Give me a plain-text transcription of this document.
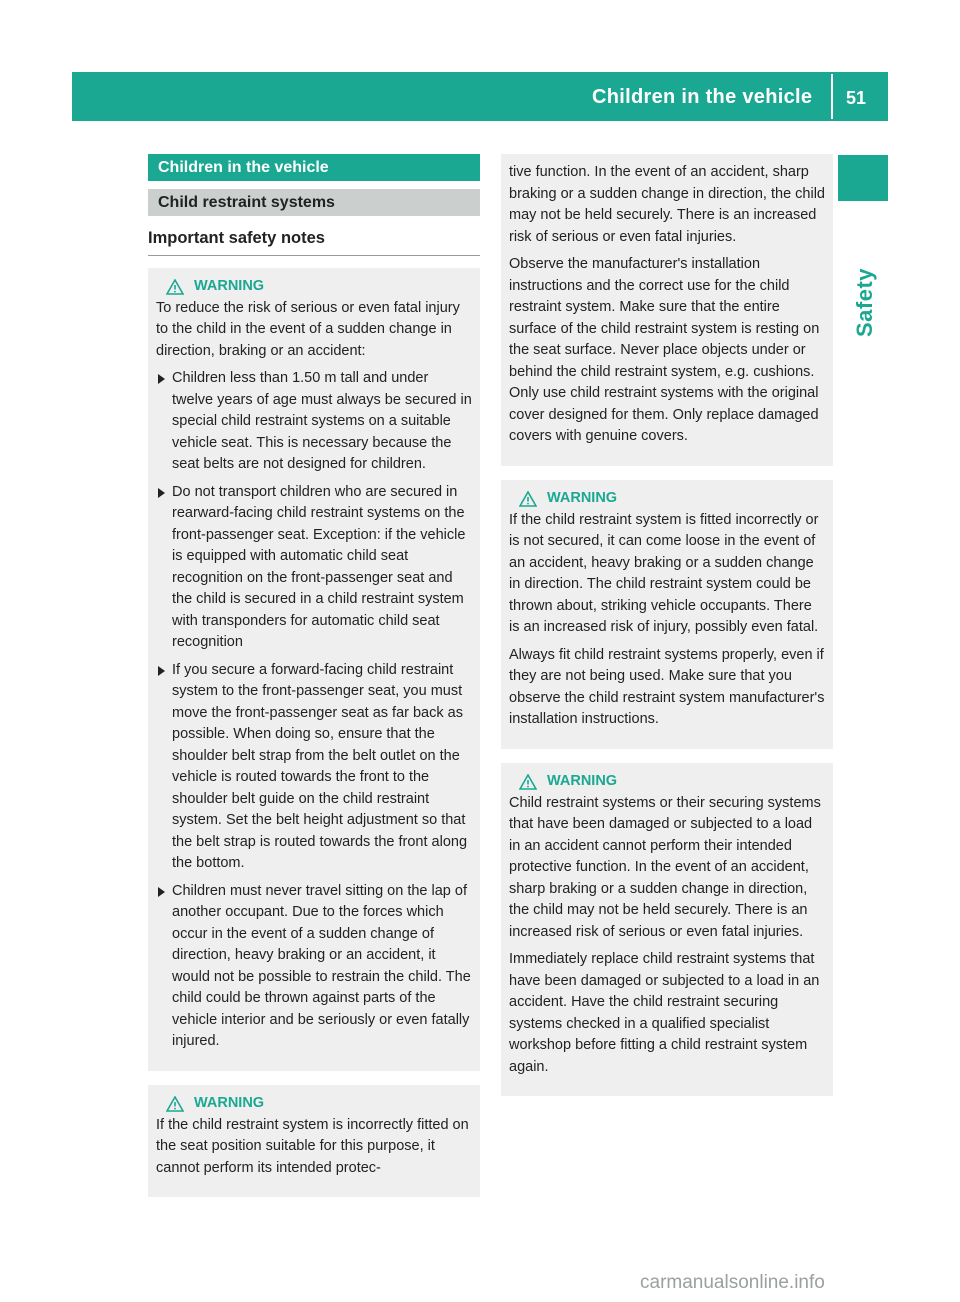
Children in the vehicle 51
Safety
Children in the vehicle
Child restraint systems
Important safety notes
WARNING

To reduce the risk of serious or even fatal injury to the child in the event of a sudden change in direction, braking or an accident:

Children less than 1.50 m tall and under twelve years of age must always be secured in special child restraint systems on a suitable vehicle seat. This is necessary because the seat belts are not designed for children.
Do not transport children who are secured in rearward-facing child restraint systems on the front-passenger seat. Exception: if the vehicle is equipped with automatic child seat recognition on the front-passenger seat and the child is secured in a child restraint system with transponders for automatic child seat recognition
If you secure a forward-facing child restraint system to the front-passenger seat, you must move the front-passenger seat as far back as possible. When doing so, ensure that the shoulder belt strap from the belt outlet on the vehicle is routed towards the front to the shoulder belt guide on the child restraint system. Set the belt height adjustment so that the belt strap is routed towards the front along the bottom.
Children must never travel sitting on the lap of another occupant. Due to the forces which occur in the event of a sudden change of direction, heavy braking or an accident, it would not be possible to restrain the child. The child could be thrown against parts of the vehicle interior and be seriously or even fatally injured.
WARNING

If the child restraint system is incorrectly fitted on the seat position suitable for this purpose, it cannot perform its intended protec-

tive function. In the event of an accident, sharp braking or a sudden change in direction, the child may not be held securely. There is an increased risk of serious or even fatal injuries.

Observe the manufacturer's installation instructions and the correct use for the child restraint system. Make sure that the entire surface of the child restraint system is resting on the seat surface. Never place objects under or behind the child restraint system, e.g. cushions. Only use child restraint systems with the original cover designed for them. Only replace damaged covers with genuine covers.

WARNING

If the child restraint system is fitted incorrectly or is not secured, it can come loose in the event of an accident, heavy braking or a sudden change in direction. The child restraint system could be thrown about, striking vehicle occupants. There is an increased risk of injury, possibly even fatal.

Always fit child restraint systems properly, even if they are not being used. Make sure that you observe the child restraint system manufacturer's installation instructions.

WARNING

Child restraint systems or their securing systems that have been damaged or subjected to a load in an accident cannot perform their intended protective function. In the event of an accident, sharp braking or a sudden change in direction, the child may not be held securely. There is an increased risk of serious or even fatal injuries.

Immediately replace child restraint systems that have been damaged or subjected to a load in an accident. Have the child restraint securing systems checked in a qualified specialist workshop before fitting a child restraint system again.

carmanualsonline.info
